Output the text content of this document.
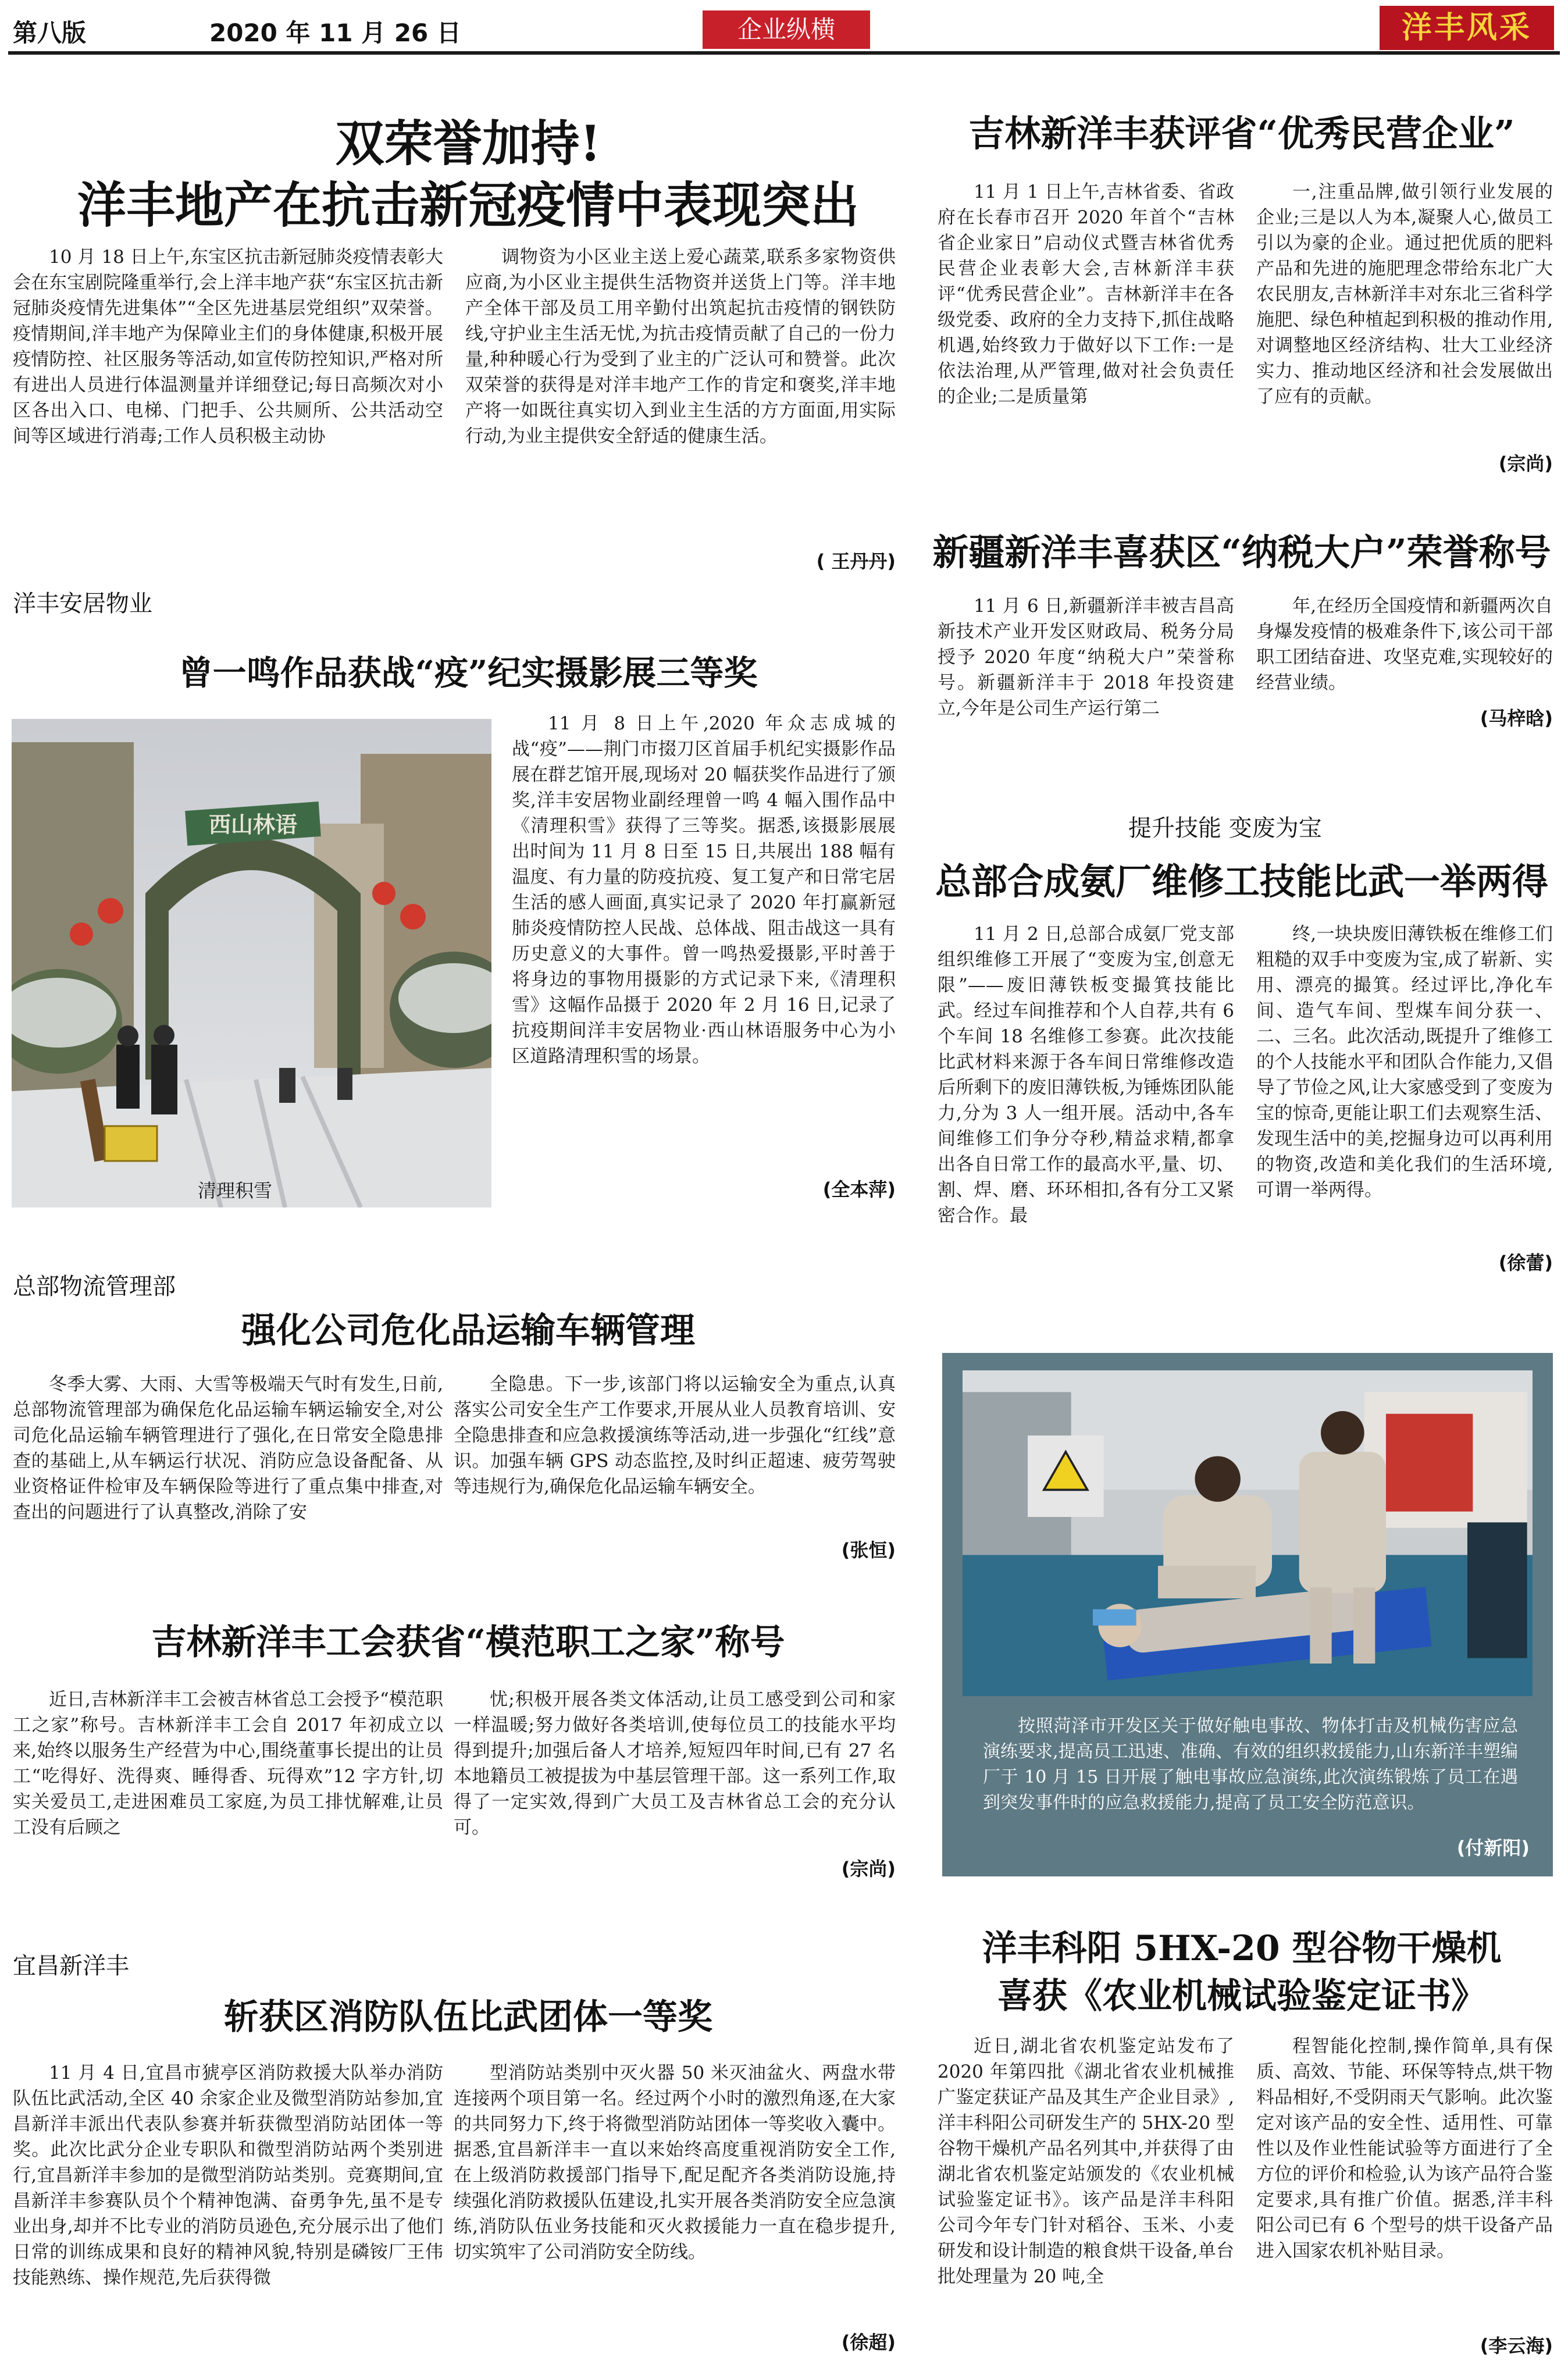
第八版	2020 年 11 月 26 日	企业纵横	洋丰风采
双荣誉加持!
洋丰地产在抗击新冠疫情中表现突出
10 月 18 日上午,东宝区抗击新冠肺炎疫情表彰大会在东宝剧院隆重举行,会上洋丰地产获“东宝区抗击新冠肺炎疫情先进集体”“全区先进基层党组织”双荣誉。疫情期间,洋丰地产为保障业主们的身体健康,积极开展疫情防控、社区服务等活动,如宣传防控知识,严格对所有进出人员进行体温测量并详细登记;每日高频次对小区各出入口、电梯、门把手、公共厕所、公共活动空间等区域进行消毒;工作人员积极主动协
调物资为小区业主送上爱心蔬菜,联系多家物资供应商,为小区业主提供生活物资并送货上门等。洋丰地产全体干部及员工用辛勤付出筑起抗击疫情的钢铁防线,守护业主生活无忧,为抗击疫情贡献了自己的一份力量,种种暖心行为受到了业主的广泛认可和赞誉。此次双荣誉的获得是对洋丰地产工作的肯定和褒奖,洋丰地产将一如既往真实切入到业主生活的方方面面,用实际行动,为业主提供安全舒适的健康生活。
( 王丹丹)
洋丰安居物业
曾一鸣作品获战“疫”纪实摄影展三等奖
西山林语
清理积雪
11 月 8 日上午,2020 年众志成城的战“疫”——荆门市掇刀区首届手机纪实摄影作品展在群艺馆开展,现场对 20 幅获奖作品进行了颁奖,洋丰安居物业副经理曾一鸣 4 幅入围作品中《清理积雪》获得了三等奖。据悉,该摄影展展出时间为 11 月 8 日至 15 日,共展出 188 幅有温度、有力量的防疫抗疫、复工复产和日常宅居生活的感人画面,真实记录了 2020 年打赢新冠肺炎疫情防控人民战、总体战、阻击战这一具有历史意义的大事件。曾一鸣热爱摄影,平时善于将身边的事物用摄影的方式记录下来,《清理积雪》这幅作品摄于 2020 年 2 月 16 日,记录了抗疫期间洋丰安居物业·西山林语服务中心为小区道路清理积雪的场景。
(全本萍)
总部物流管理部
强化公司危化品运输车辆管理
冬季大雾、大雨、大雪等极端天气时有发生,日前,总部物流管理部为确保危化品运输车辆运输安全,对公司危化品运输车辆管理进行了强化,在日常安全隐患排查的基础上,从车辆运行状况、消防应急设备配备、从业资格证件检审及车辆保险等进行了重点集中排查,对查出的问题进行了认真整改,消除了安
全隐患。下一步,该部门将以运输安全为重点,认真落实公司安全生产工作要求,开展从业人员教育培训、安全隐患排查和应急救援演练等活动,进一步强化“红线”意识。加强车辆 GPS 动态监控,及时纠正超速、疲劳驾驶等违规行为,确保危化品运输车辆安全。
(张恒)
吉林新洋丰工会获省“模范职工之家”称号
近日,吉林新洋丰工会被吉林省总工会授予“模范职工之家”称号。吉林新洋丰工会自 2017 年初成立以来,始终以服务生产经营为中心,围绕董事长提出的让员工“吃得好、洗得爽、睡得香、玩得欢”12 字方针,切实关爱员工,走进困难员工家庭,为员工排忧解难,让员工没有后顾之
忧;积极开展各类文体活动,让员工感受到公司和家一样温暖;努力做好各类培训,使每位员工的技能水平均得到提升;加强后备人才培养,短短四年时间,已有 27 名本地籍员工被提拔为中基层管理干部。这一系列工作,取得了一定实效,得到广大员工及吉林省总工会的充分认可。
(宗尚)
宜昌新洋丰
斩获区消防队伍比武团体一等奖
11 月 4 日,宜昌市猇亭区消防救援大队举办消防队伍比武活动,全区 40 余家企业及微型消防站参加,宜昌新洋丰派出代表队参赛并斩获微型消防站团体一等奖。此次比武分企业专职队和微型消防站两个类别进行,宜昌新洋丰参加的是微型消防站类别。竞赛期间,宜昌新洋丰参赛队员个个精神饱满、奋勇争先,虽不是专业出身,却并不比专业的消防员逊色,充分展示出了他们日常的训练成果和良好的精神风貌,特别是磷铵厂王伟技能熟练、操作规范,先后获得微
型消防站类别中灭火器 50 米灭油盆火、两盘水带连接两个项目第一名。经过两个小时的激烈角逐,在大家的共同努力下,终于将微型消防站团体一等奖收入囊中。据悉,宜昌新洋丰一直以来始终高度重视消防安全工作,在上级消防救援部门指导下,配足配齐各类消防设施,持续强化消防救援队伍建设,扎实开展各类消防安全应急演练,消防队伍业务技能和灭火救援能力一直在稳步提升,切实筑牢了公司消防安全防线。
(徐超)
吉林新洋丰获评省“优秀民营企业”
11 月 1 日上午,吉林省委、省政府在长春市召开 2020 年首个“吉林省企业家日”启动仪式暨吉林省优秀民营企业表彰大会,吉林新洋丰获评“优秀民营企业”。吉林新洋丰在各级党委、政府的全力支持下,抓住战略机遇,始终致力于做好以下工作:一是依法治理,从严管理,做对社会负责任的企业;二是质量第
一,注重品牌,做引领行业发展的企业;三是以人为本,凝聚人心,做员工引以为豪的企业。通过把优质的肥料产品和先进的施肥理念带给东北广大农民朋友,吉林新洋丰对东北三省科学施肥、绿色种植起到积极的推动作用,对调整地区经济结构、壮大工业经济实力、推动地区经济和社会发展做出了应有的贡献。
(宗尚)
新疆新洋丰喜获区“纳税大户”荣誉称号
11 月 6 日,新疆新洋丰被吉昌高新技术产业开发区财政局、税务分局授予 2020 年度“纳税大户”荣誉称号。新疆新洋丰于 2018 年投资建立,今年是公司生产运行第二
年,在经历全国疫情和新疆两次自身爆发疫情的极难条件下,该公司干部职工团结奋进、攻坚克难,实现较好的经营业绩。
(马梓晗)
提升技能 变废为宝
总部合成氨厂维修工技能比武一举两得
11 月 2 日,总部合成氨厂党支部组织维修工开展了“变废为宝,创意无限”——废旧薄铁板变撮箕技能比武。经过车间推荐和个人自荐,共有 6 个车间 18 名维修工参赛。此次技能比武材料来源于各车间日常维修改造后所剩下的废旧薄铁板,为锤炼团队能力,分为 3 人一组开展。活动中,各车间维修工们争分夺秒,精益求精,都拿出各自日常工作的最高水平,量、切、割、焊、磨、环环相扣,各有分工又紧密合作。最
终,一块块废旧薄铁板在维修工们粗糙的双手中变废为宝,成了崭新、实用、漂亮的撮箕。经过评比,净化车间、造气车间、型煤车间分获一、二、三名。此次活动,既提升了维修工的个人技能水平和团队合作能力,又倡导了节俭之风,让大家感受到了变废为宝的惊奇,更能让职工们去观察生活、发现生活中的美,挖掘身边可以再利用的物资,改造和美化我们的生活环境,可谓一举两得。
(徐蕾)
按照菏泽市开发区关于做好触电事故、物体打击及机械伤害应急演练要求,提高员工迅速、准确、有效的组织救援能力,山东新洋丰塑编厂于 10 月 15 日开展了触电事故应急演练,此次演练锻炼了员工在遇到突发事件时的应急救援能力,提高了员工安全防范意识。
(付新阳)
洋丰科阳 5HX-20 型谷物干燥机
喜获《农业机械试验鉴定证书》
近日,湖北省农机鉴定站发布了 2020 年第四批《湖北省农业机械推广鉴定获证产品及其生产企业目录》,洋丰科阳公司研发生产的 5HX-20 型谷物干燥机产品名列其中,并获得了由湖北省农机鉴定站颁发的《农业机械试验鉴定证书》。该产品是洋丰科阳公司今年专门针对稻谷、玉米、小麦研发和设计制造的粮食烘干设备,单台批处理量为 20 吨,全
程智能化控制,操作简单,具有保质、高效、节能、环保等特点,烘干物料品相好,不受阴雨天气影响。此次鉴定对该产品的安全性、适用性、可靠性以及作业性能试验等方面进行了全方位的评价和检验,认为该产品符合鉴定要求,具有推广价值。据悉,洋丰科阳公司已有 6 个型号的烘干设备产品进入国家农机补贴目录。
(李云海)
